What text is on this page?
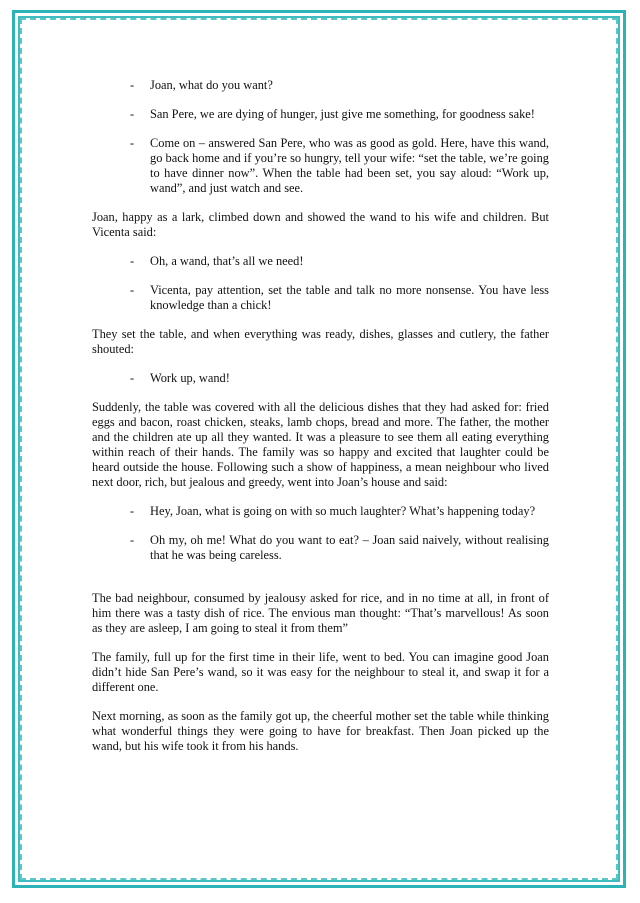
- Joan, what do you want?
- San Pere, we are dying of hunger, just give me something, for goodness sake!
- Come on – answered San Pere, who was as good as gold. Here, have this wand, go back home and if you’re so hungry, tell your wife: “set the table, we’re going to have dinner now”. When the table had been set, you say aloud: “Work up, wand”, and just watch and see.
Joan, happy as a lark, climbed down and showed the wand to his wife and children. But Vicenta said:
- Oh, a wand, that’s all we need!
- Vicenta, pay attention, set the table and talk no more nonsense. You have less knowledge than a chick!
They set the table, and when everything was ready, dishes, glasses and cutlery, the father shouted:
- Work up, wand!
Suddenly, the table was covered with all the delicious dishes that they had asked for: fried eggs and bacon, roast chicken, steaks, lamb chops, bread and more. The father, the mother and the children ate up all they wanted. It was a pleasure to see them all eating everything within reach of their hands. The family was so happy and excited that laughter could be heard outside the house. Following such a show of happiness, a mean neighbour who lived next door, rich, but jealous and greedy, went into Joan’s house and said:
- Hey, Joan, what is going on with so much laughter? What’s happening today?
- Oh my, oh me! What do you want to eat? – Joan said naively, without realising that he was being careless.
The bad neighbour, consumed by jealousy asked for rice, and in no time at all, in front of him there was a tasty dish of rice. The envious man thought: “That’s marvellous! As soon as they are asleep, I am going to steal it from them”
The family, full up for the first time in their life, went to bed. You can imagine good Joan didn’t hide San Pere’s wand, so it was easy for the neighbour to steal it, and swap it for a different one.
Next morning, as soon as the family got up, the cheerful mother set the table while thinking what wonderful things they were going to have for breakfast. Then Joan picked up the wand, but his wife took it from his hands.
